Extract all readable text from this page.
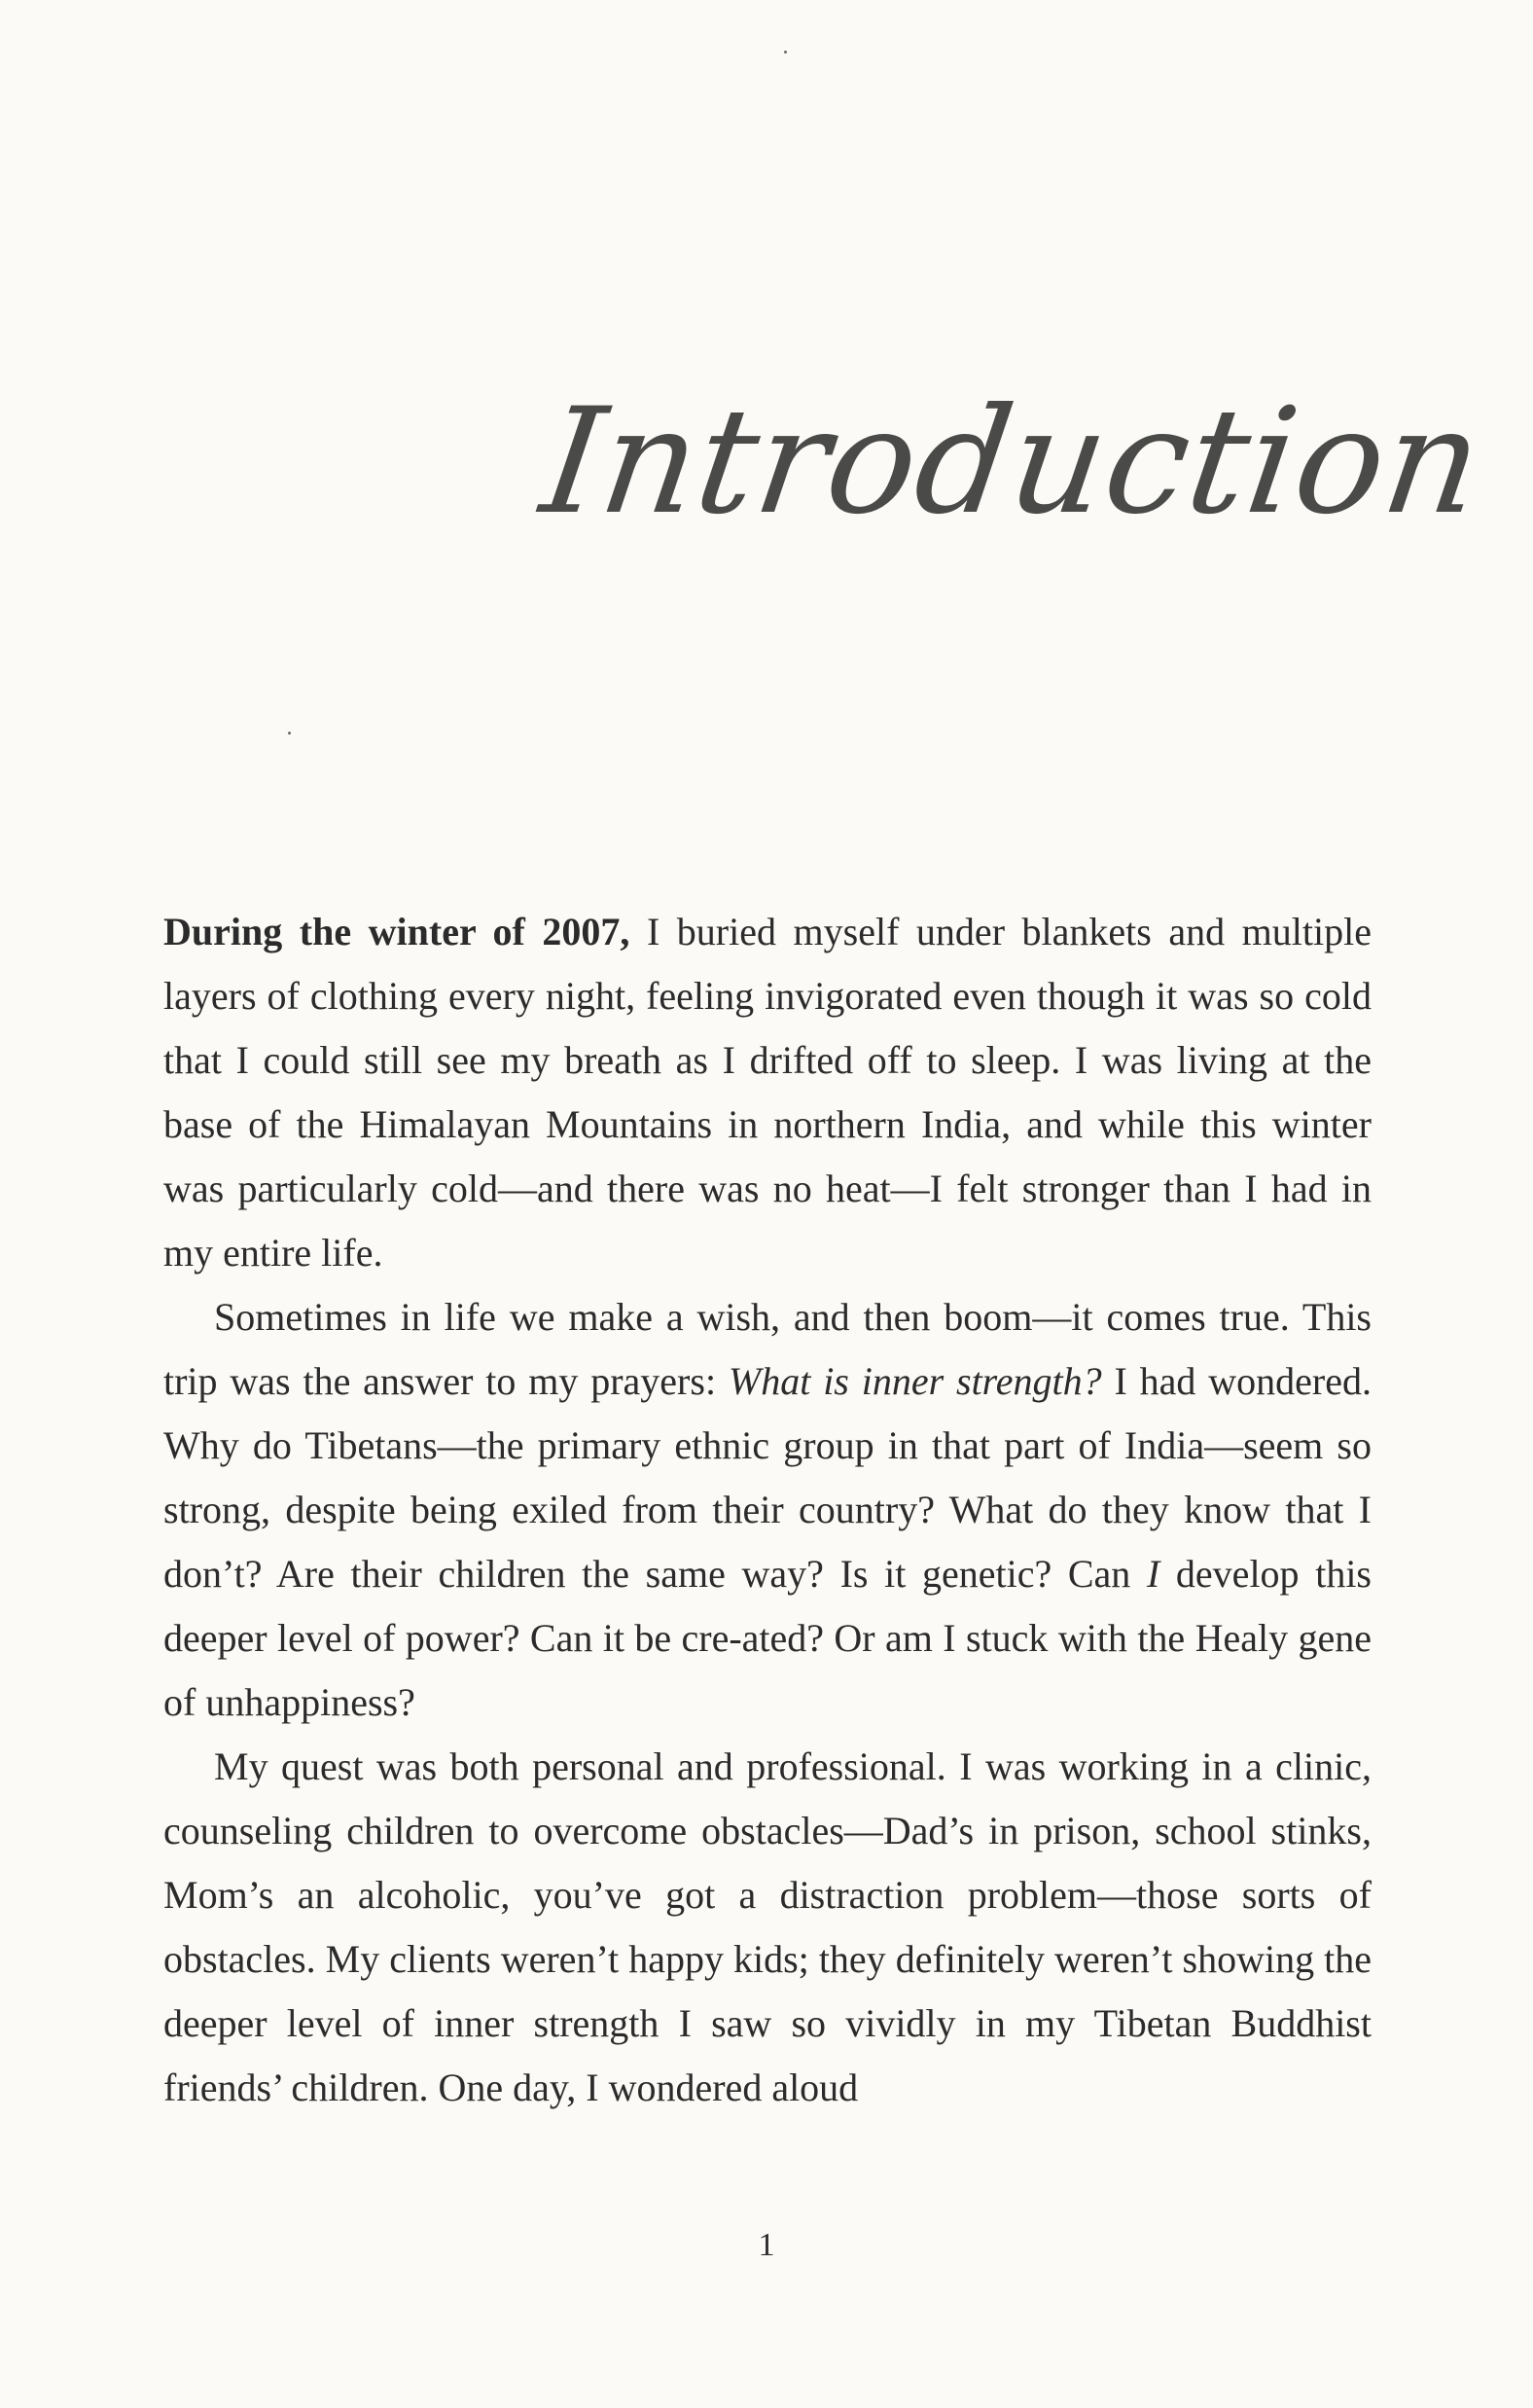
Introduction

During the winter of 2007, I buried myself under blankets and multiple layers of clothing every night, feeling invigorated even though it was so cold that I could still see my breath as I drifted off to sleep. I was living at the base of the Himalayan Mountains in northern India, and while this winter was particularly cold—and there was no heat—I felt stronger than I had in my entire life.

Sometimes in life we make a wish, and then boom—it comes true. This trip was the answer to my prayers: What is inner strength? I had wondered. Why do Tibetans—the primary ethnic group in that part of India—seem so strong, despite being exiled from their country? What do they know that I don’t? Are their children the same way? Is it genetic? Can I develop this deeper level of power? Can it be cre-ated? Or am I stuck with the Healy gene of unhappiness?

My quest was both personal and professional. I was working in a clinic, counseling children to overcome obstacles—Dad’s in prison, school stinks, Mom’s an alcoholic, you’ve got a distraction problem—those sorts of obstacles. My clients weren’t happy kids; they definitely weren’t showing the deeper level of inner strength I saw so vividly in my Tibetan Buddhist friends’ children. One day, I wondered aloud

1
